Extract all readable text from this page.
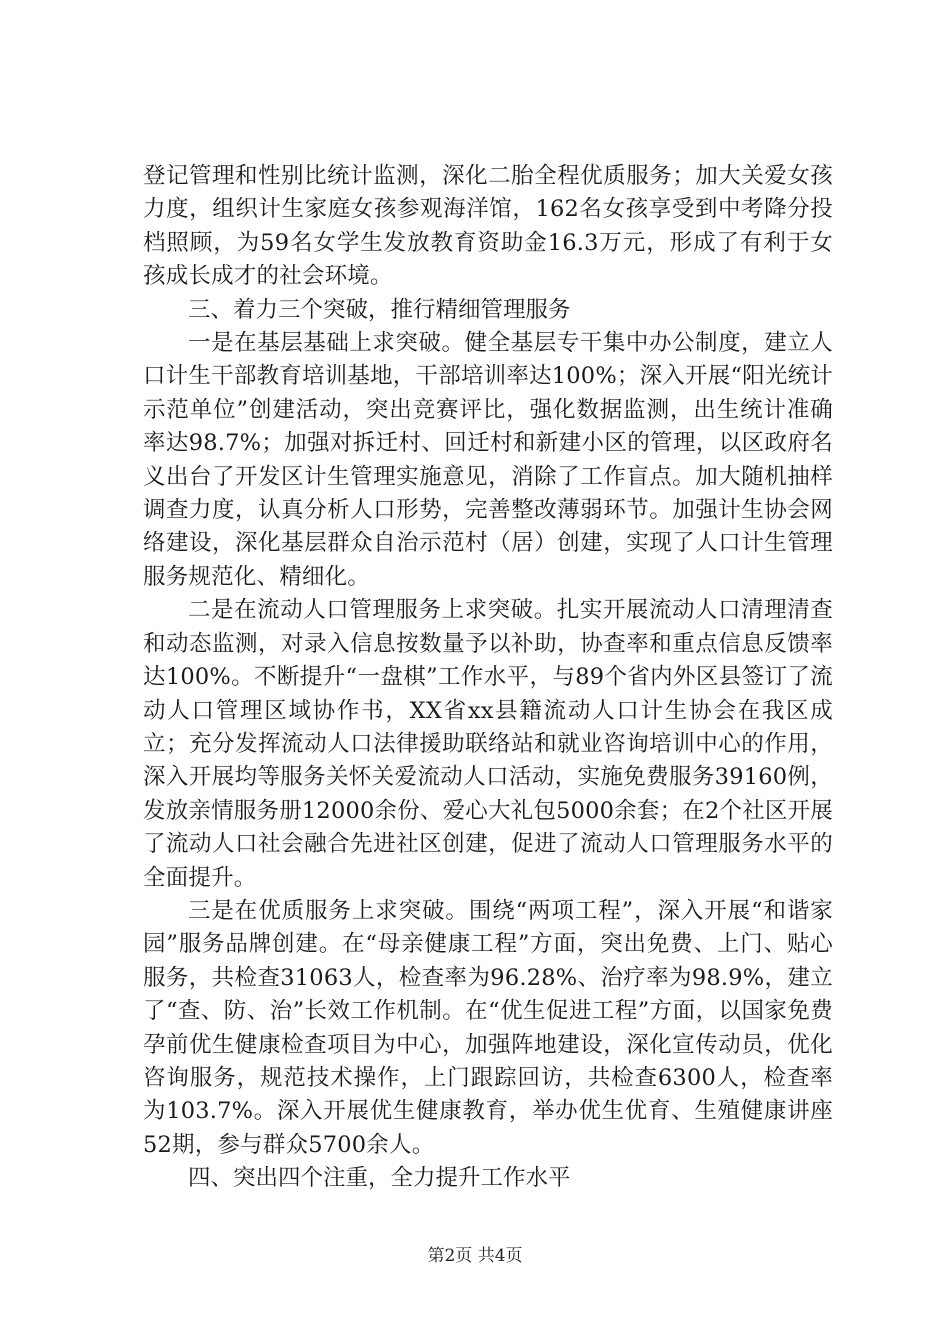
登记管理和性别比统计监测，深化二胎全程优质服务；加大关爱女孩力度，组织计生家庭女孩参观海洋馆，162名女孩享受到中考降分投档照顾，为59名女学生发放教育资助金16.3万元，形成了有利于女孩成长成才的社会环境。

三、着力三个突破，推行精细管理服务

一是在基层基础上求突破。健全基层专干集中办公制度，建立人口计生干部教育培训基地，干部培训率达100%；深入开展“阳光统计示范单位”创建活动，突出竞赛评比，强化数据监测，出生统计准确率达98.7%；加强对拆迁村、回迁村和新建小区的管理，以区政府名义出台了开发区计生管理实施意见，消除了工作盲点。加大随机抽样调查力度，认真分析人口形势，完善整改薄弱环节。加强计生协会网络建设，深化基层群众自治示范村（居）创建，实现了人口计生管理服务规范化、精细化。

二是在流动人口管理服务上求突破。扎实开展流动人口清理清查和动态监测，对录入信息按数量予以补助，协查率和重点信息反馈率达100%。不断提升“一盘棋”工作水平，与89个省内外区县签订了流动人口管理区域协作书，XX省xx县籍流动人口计生协会在我区成立；充分发挥流动人口法律援助联络站和就业咨询培训中心的作用，深入开展均等服务关怀关爱流动人口活动，实施免费服务39160例，发放亲情服务册12000余份、爱心大礼包5000余套；在2个社区开展了流动人口社会融合先进社区创建，促进了流动人口管理服务水平的全面提升。

三是在优质服务上求突破。围绕“两项工程”，深入开展“和谐家园”服务品牌创建。在“母亲健康工程”方面，突出免费、上门、贴心服务，共检查31063人，检查率为96.28%、治疗率为98.9%，建立了“查、防、治”长效工作机制。在“优生促进工程”方面，以国家免费孕前优生健康检查项目为中心，加强阵地建设，深化宣传动员，优化咨询服务，规范技术操作，上门跟踪回访，共检查6300人，检查率为103.7%。深入开展优生健康教育，举办优生优育、生殖健康讲座52期，参与群众5700余人。

四、突出四个注重，全力提升工作水平

第2页 共4页
